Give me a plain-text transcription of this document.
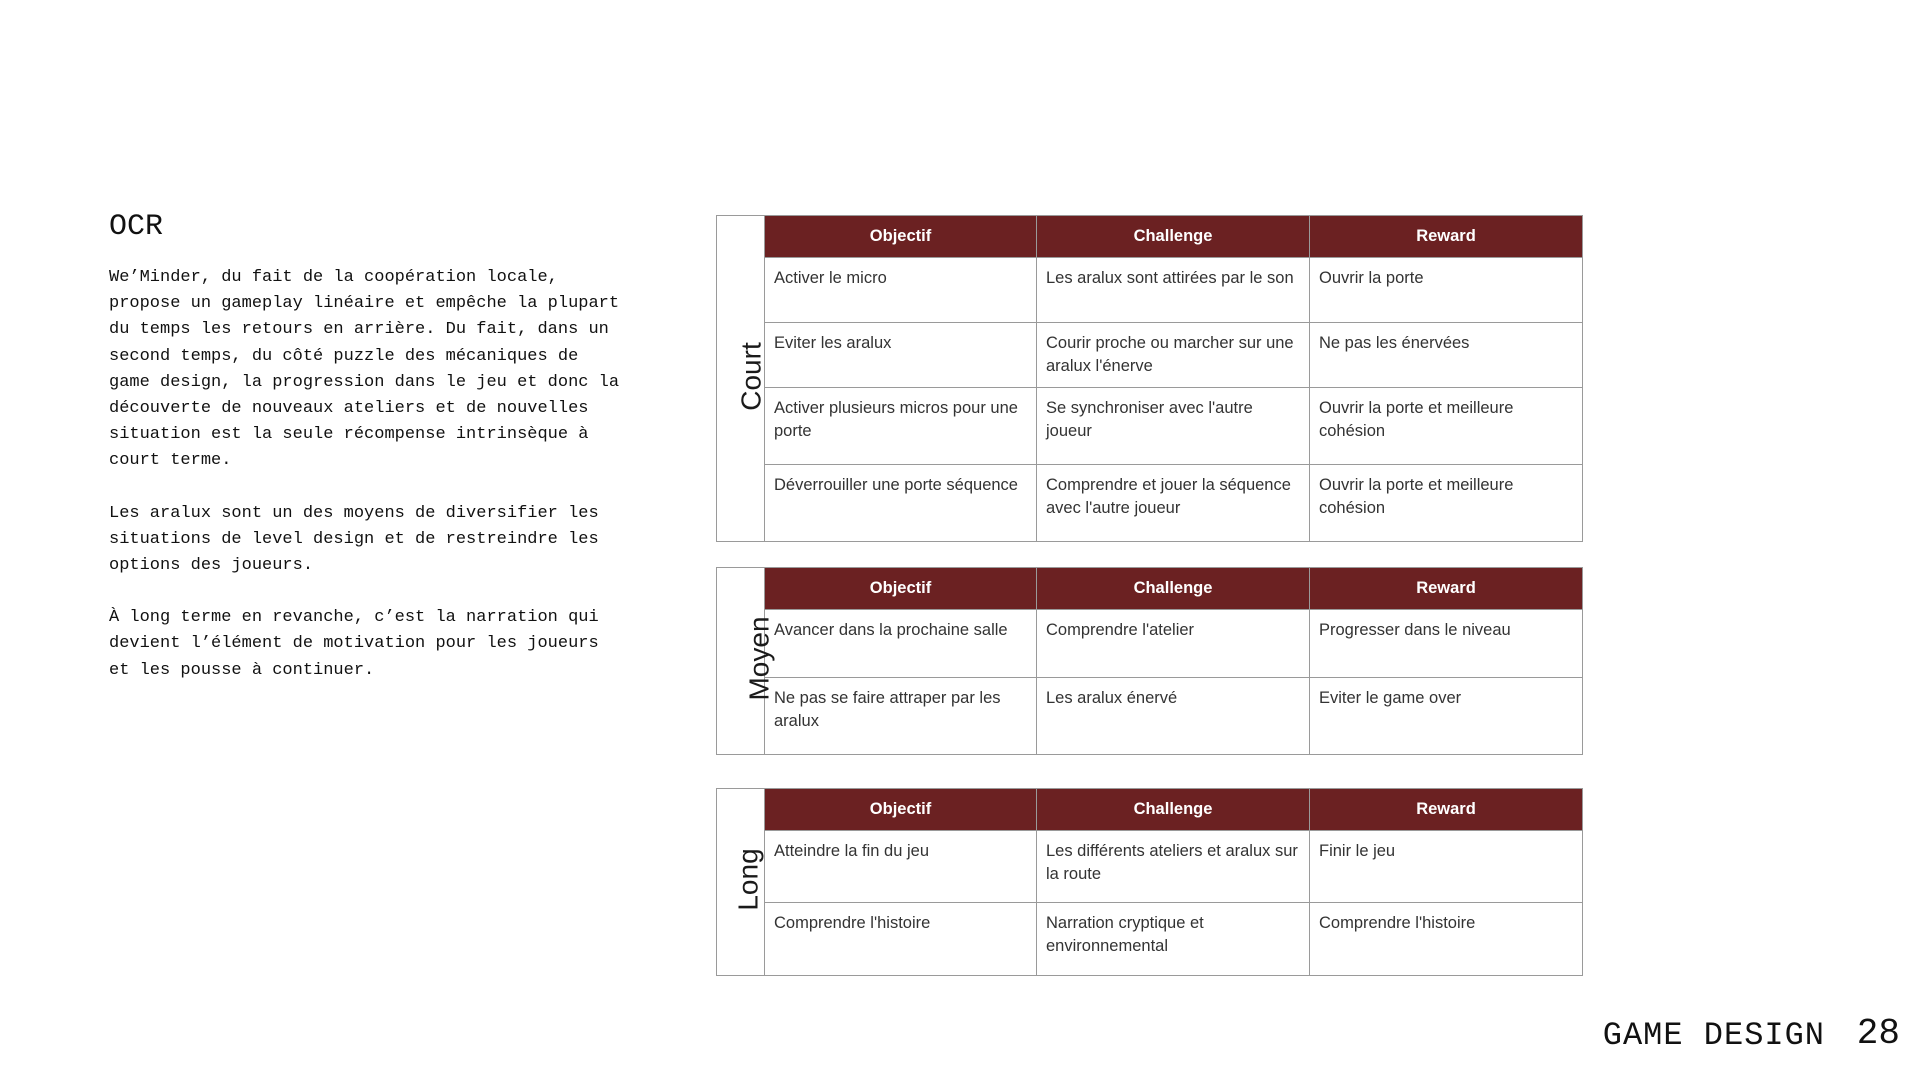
OCR

We’Minder, du fait de la coopération locale, propose un gameplay linéaire et empêche la plupart du temps les retours en arrière. Du fait, dans un second temps, du côté puzzle des mécaniques de game design, la progression dans le jeu et donc la découverte de nouveaux ateliers et de nouvelles situation est la seule récompense intrinsèque à court terme.

Les aralux sont un des moyens de diversifier les situations de level design et de restreindre les options des joueurs.

À long terme en revanche, c’est la narration qui devient l’élément de motivation pour les joueurs et les pousse à continuer.

Court	Objectif	Challenge	Reward
	Activer le micro	Les aralux sont attirées par le son	Ouvrir la porte
	Eviter les aralux	Courir proche ou marcher sur une aralux l'énerve	Ne pas les énervées
	Activer plusieurs micros pour une porte	Se synchroniser avec l'autre joueur	Ouvrir la porte et meilleure cohésion
	Déverrouiller une porte séquence	Comprendre et jouer la séquence avec l'autre joueur	Ouvrir la porte et meilleure cohésion
Moyen	Objectif	Challenge	Reward
	Avancer dans la prochaine salle	Comprendre l'atelier	Progresser dans le niveau
	Ne pas se faire attraper par les aralux	Les aralux énervé	Eviter le game over
Long	Objectif	Challenge	Reward
	Atteindre la fin du jeu	Les différents ateliers et aralux sur la route	Finir le jeu
	Comprendre l'histoire	Narration cryptique et environnemental	Comprendre l'histoire
GAME DESIGN 28
